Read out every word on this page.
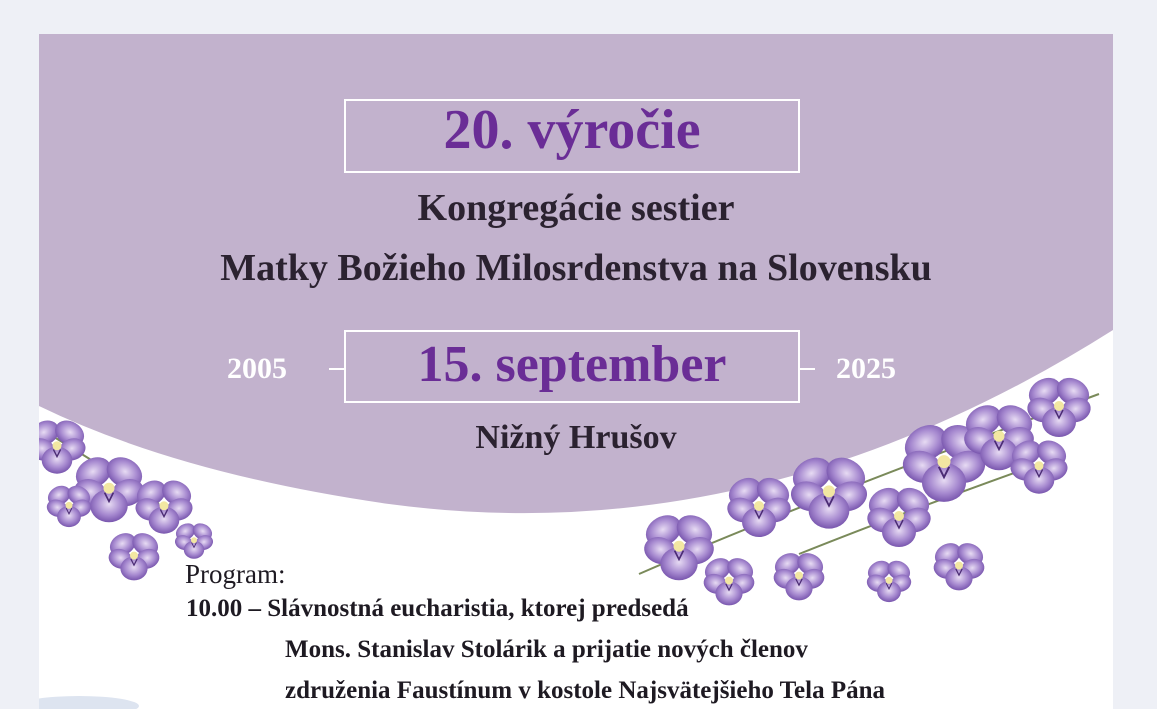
20. výročie
Kongregácie sestier
Matky Božieho Milosrdenstva na Slovensku
15. september
2005	2025
Nižný Hrušov
Program:
10.00 – Slávnostná eucharistia, ktorej predsedá
Mons. Stanislav Stolárik a prijatie nových členov
združenia Faustínum v kostole Najsvätejšieho Tela Pána
